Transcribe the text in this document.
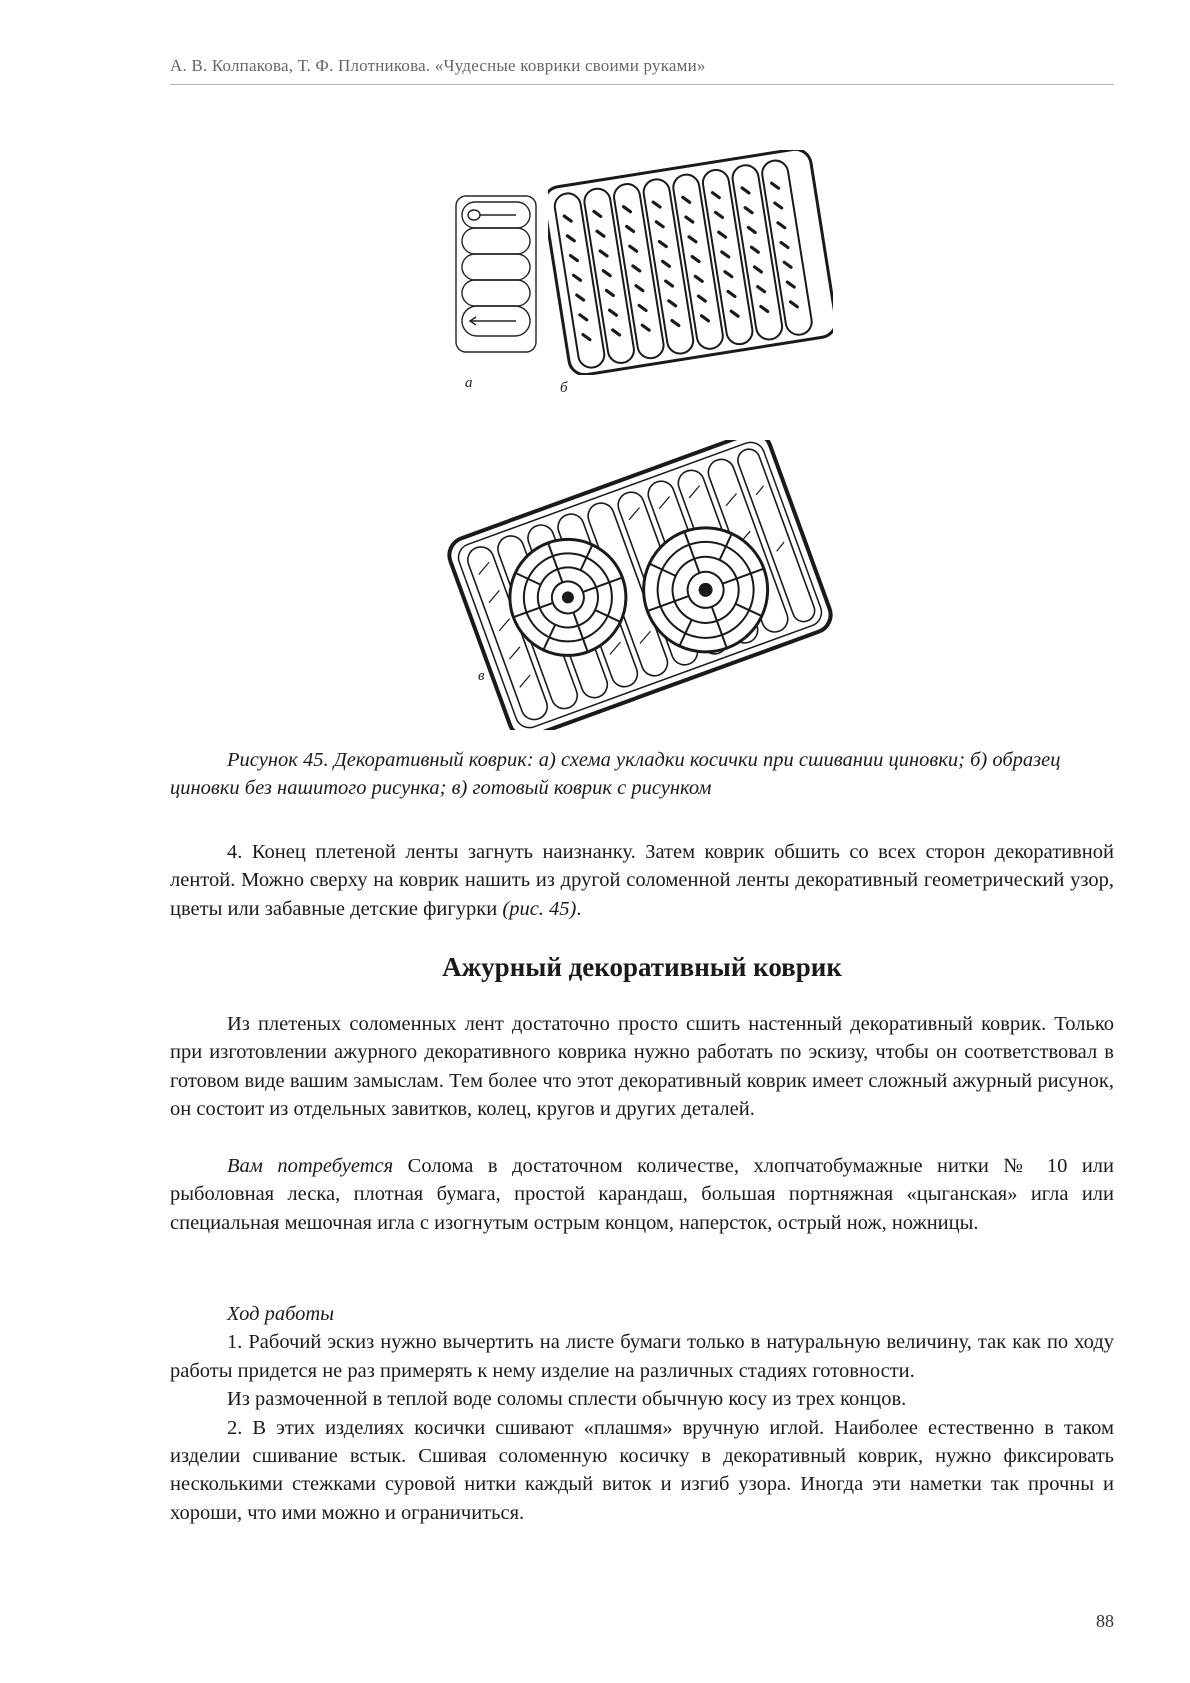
А. В. Колпакова, Т. Ф. Плотникова. «Чудесные коврики своими руками»
а	б
в

Рисунок 45. Декоративный коврик: а) схема укладки косички при сшивании циновки; б) образец циновки без нашитого рисунка; в) готовый коврик с рисунком

4. Конец плетеной ленты загнуть наизнанку. Затем коврик обшить со всех сторон декоративной лентой. Можно сверху на коврик нашить из другой соломенной ленты декоративный геометрический узор, цветы или забавные детские фигурки (рис. 45).

Ажурный декоративный коврик

Из плетеных соломенных лент достаточно просто сшить настенный декоративный коврик. Только при изготовлении ажурного декоративного коврика нужно работать по эскизу, чтобы он соответствовал в готовом виде вашим замыслам. Тем более что этот декоративный коврик имеет сложный ажурный рисунок, он состоит из отдельных завитков, колец, кругов и других деталей.

Вам потребуется Солома в достаточном количестве, хлопчатобумажные нитки № 10 или рыболовная леска, плотная бумага, простой карандаш, большая портняжная «цыганская» игла или специальная мешочная игла с изогнутым острым концом, наперсток, острый нож, ножницы.

Ход работы

1. Рабочий эскиз нужно вычертить на листе бумаги только в натуральную величину, так как по ходу работы придется не раз примерять к нему изделие на различных стадиях готовности.

Из размоченной в теплой воде соломы сплести обычную косу из трех концов.

2. В этих изделиях косички сшивают «плашмя» вручную иглой. Наиболее естественно в таком изделии сшивание встык. Сшивая соломенную косичку в декоративный коврик, нужно фиксировать несколькими стежками суровой нитки каждый виток и изгиб узора. Иногда эти наметки так прочны и хороши, что ими можно и ограничиться.

88
